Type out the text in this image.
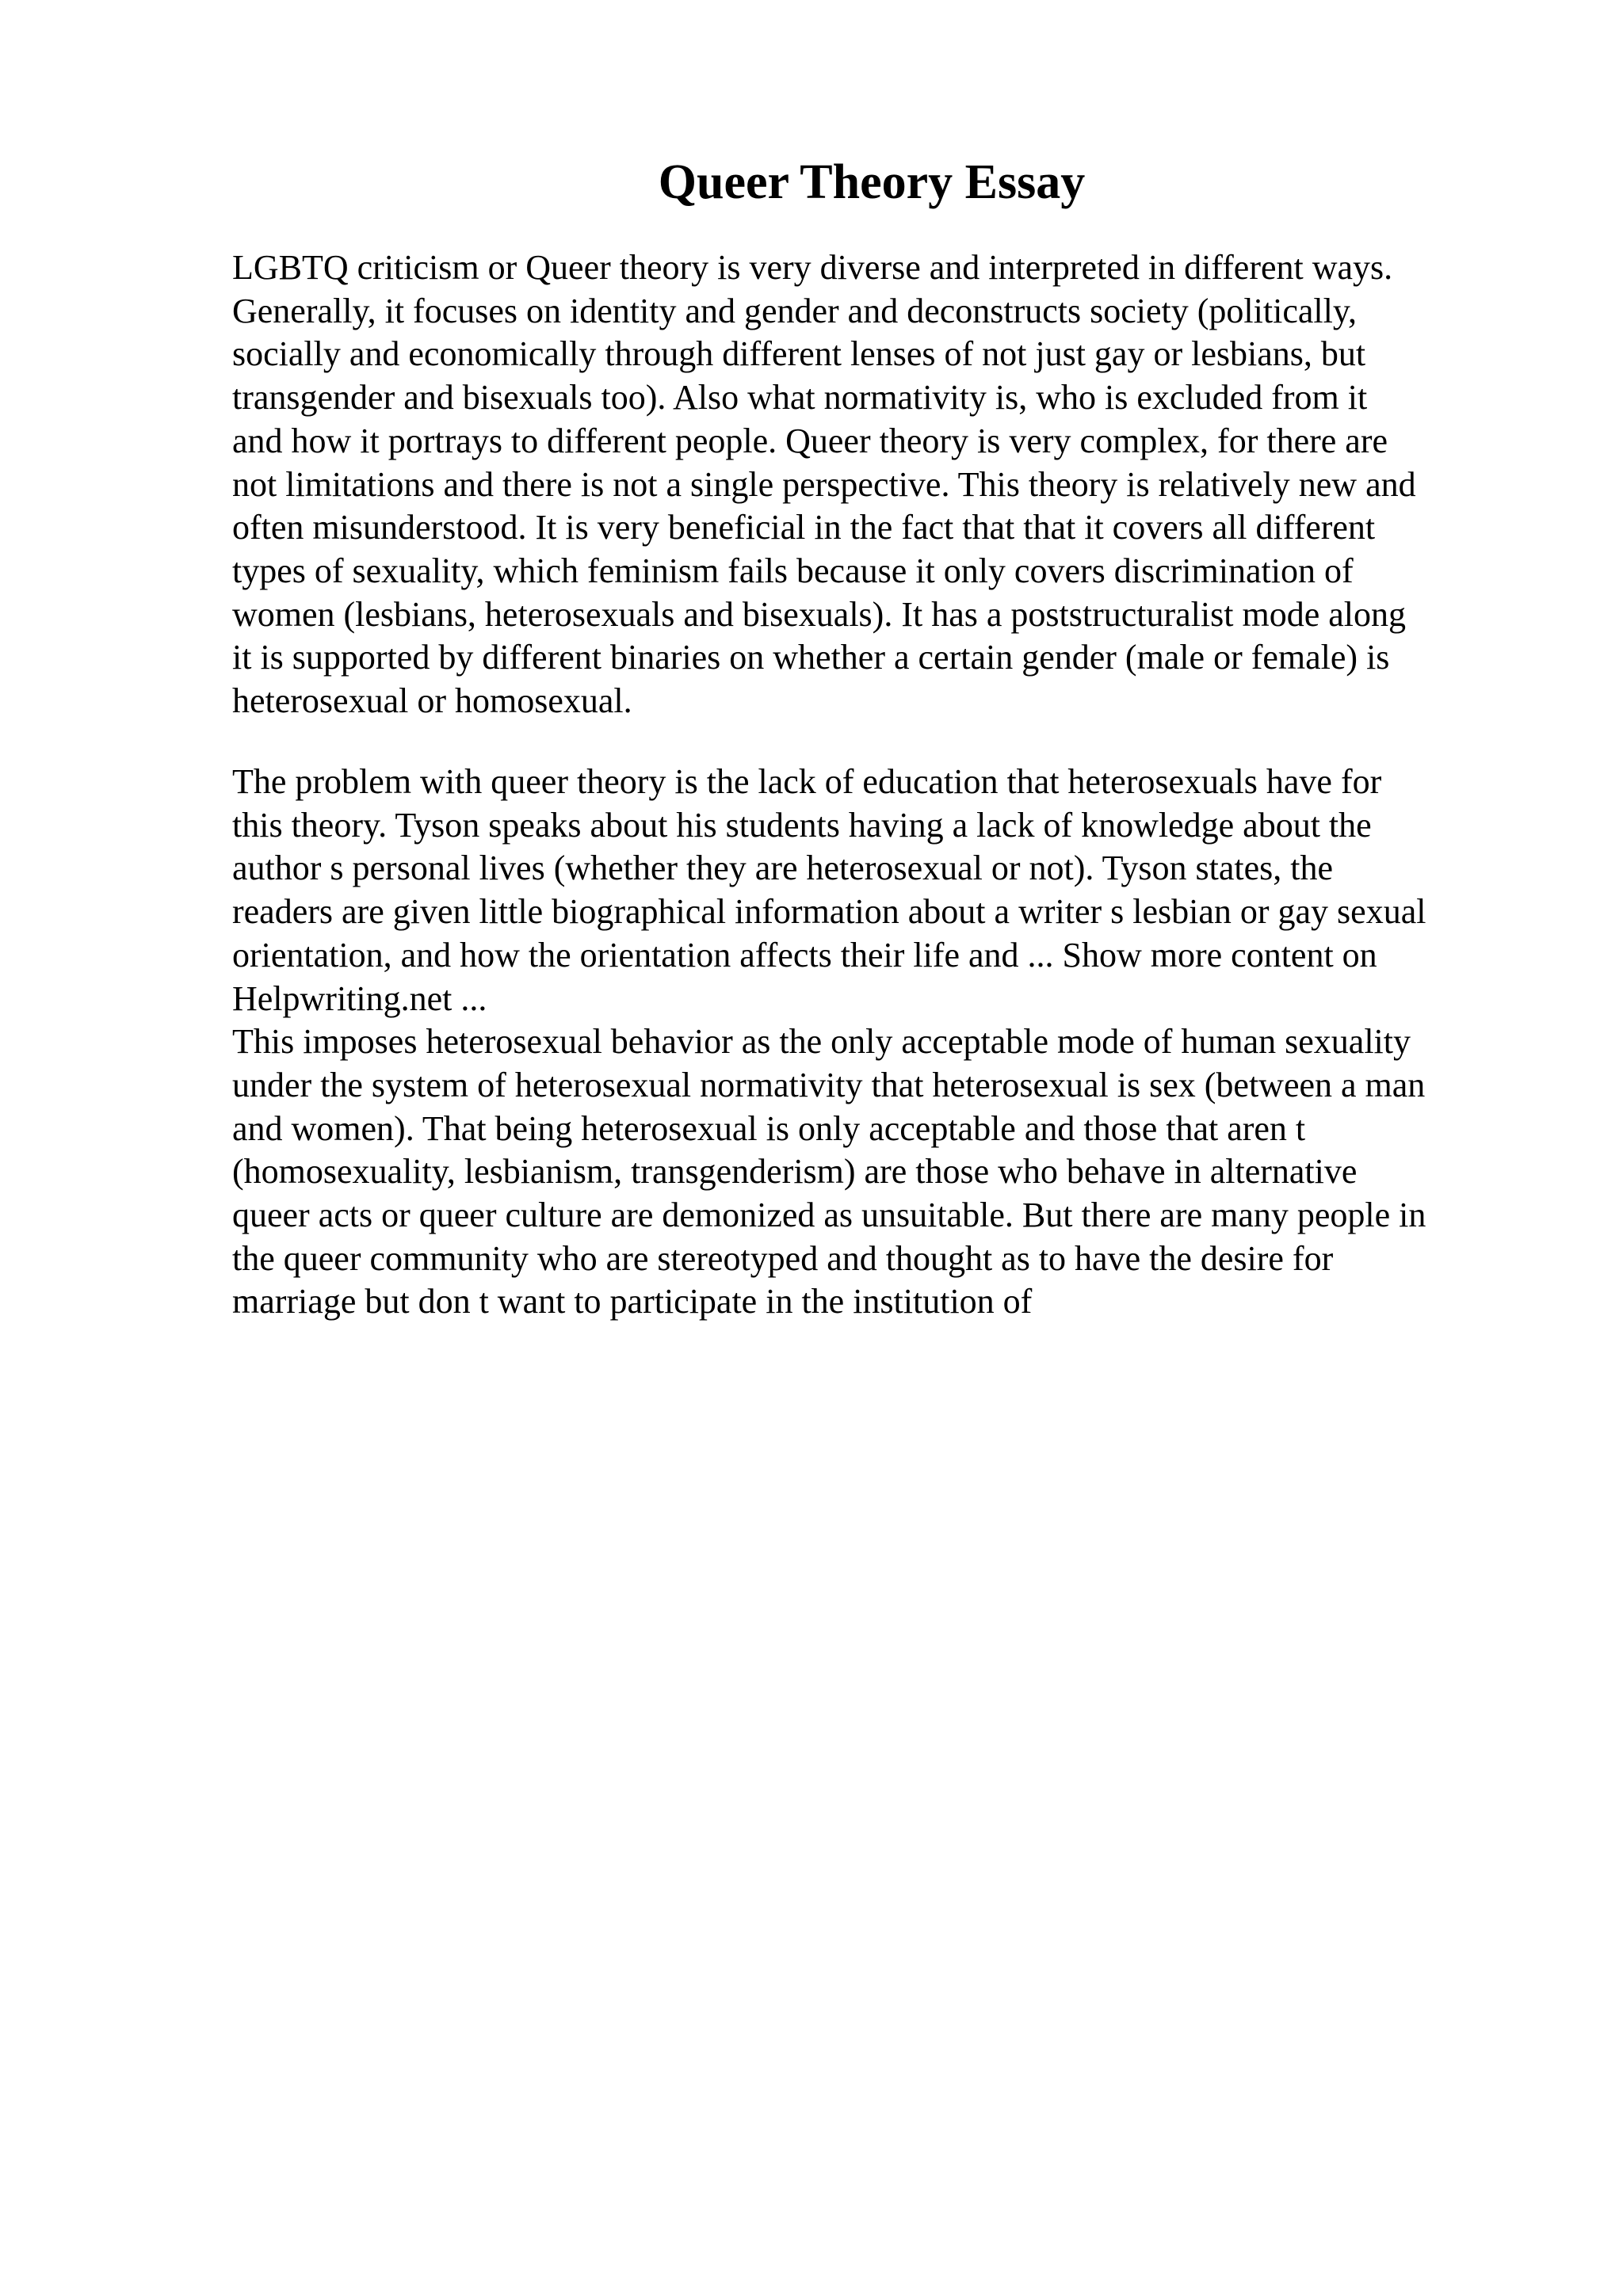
Queer Theory Essay
LGBTQ criticism or Queer theory is very diverse and interpreted in different ways.
Generally, it focuses on identity and gender and deconstructs society (politically,
socially and economically through different lenses of not just gay or lesbians, but
transgender and bisexuals too). Also what normativity is, who is excluded from it
and how it portrays to different people. Queer theory is very complex, for there are
not limitations and there is not a single perspective. This theory is relatively new and
often misunderstood. It is very beneficial in the fact that that it covers all different
types of sexuality, which feminism fails because it only covers discrimination of
women (lesbians, heterosexuals and bisexuals). It has a poststructuralist mode along
it is supported by different binaries on whether a certain gender (male or female) is
heterosexual or homosexual.
The problem with queer theory is the lack of education that heterosexuals have for
this theory. Tyson speaks about his students having a lack of knowledge about the
author s personal lives (whether they are heterosexual or not). Tyson states, the
readers are given little biographical information about a writer s lesbian or gay sexual
orientation, and how the orientation affects their life and ... Show more content on
Helpwriting.net ...
This imposes heterosexual behavior as the only acceptable mode of human sexuality
under the system of heterosexual normativity that heterosexual is sex (between a man
and women). That being heterosexual is only acceptable and those that aren t
(homosexuality, lesbianism, transgenderism) are those who behave in alternative
queer acts or queer culture are demonized as unsuitable. But there are many people in
the queer community who are stereotyped and thought as to have the desire for
marriage but don t want to participate in the institution of
